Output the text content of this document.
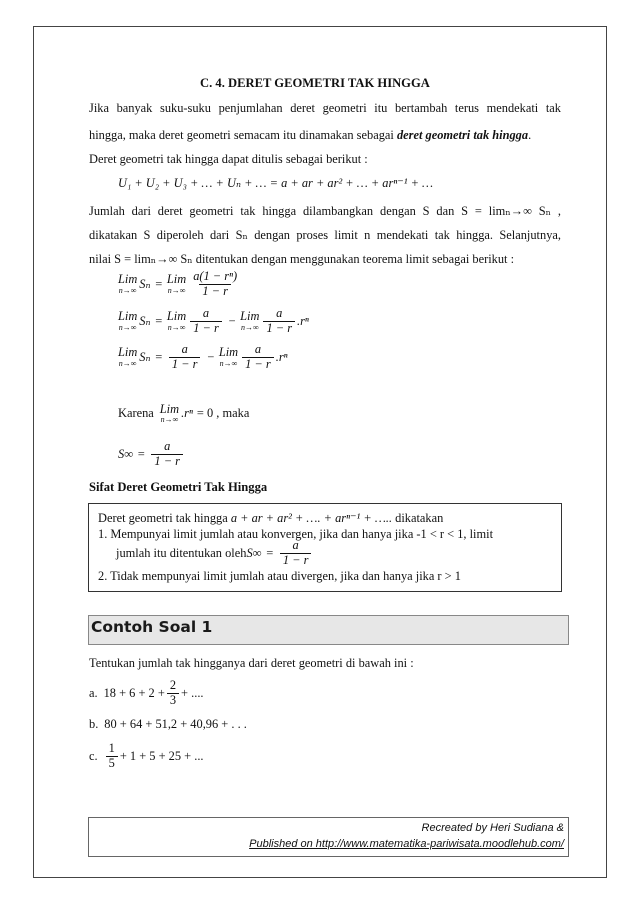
C. 4. DERET GEOMETRI TAK HINGGA
Jika banyak suku-suku penjumlahan deret geometri itu bertambah terus mendekati tak
hingga, maka deret geometri semacam itu dinamakan sebagai deret geometri tak hingga.
Deret geometri tak hingga dapat ditulis sebagai berikut :
U₁ + U₂ + U₃ + … + Uₙ + … = a + ar + ar² + … + arⁿ⁻¹ + …
Jumlah dari deret geometri tak hingga dilambangkan dengan S dan S = limₙ→∞ Sₙ ,
dikatakan S diperoleh dari Sₙ dengan proses limit n mendekati tak hingga. Selanjutnya,
nilai S = limₙ→∞ Sₙ ditentukan dengan menggunakan teorema limit sebagai berikut :
Lim
n→∞ Sₙ = Lim
$n\to\infty \frac{\text{a(1 − rⁿ)}}{1 - r}$
Lim
n→∞ Sₙ = Lim
$n\to\infty \frac{a}{1 - r}$ − Lim
$n\to\infty \frac{a}{1 - r} .r^n$
Lim
n→∞ $S_n = \frac{a}{1 - r}$ − Lim
$n\to\infty \frac{a}{1 - r} .r^n$
Karena Lim
n→∞ .rⁿ = 0 , maka
$S\infty = \frac{a}{1 - r}$
Sifat Deret Geometri Tak Hingga
Deret geometri tak hingga a + ar + ar² + …. + arⁿ⁻¹ + ….. dikatakan
1. Mempunyai limit jumlah atau konvergen, jika dan hanya jika -1 < r < 1, limit
jumlah itu ditentukan oleh $S\infty = \frac{a}{1 - r}$
2. Tidak mempunyai limit jumlah atau divergen, jika dan hanya jika r > 1
Contoh Soal 1
Tentukan jumlah tak hingganya dari deret geometri di bawah ini :
a. $18 + 6 + 2 + \frac{2}{3}$ + ....
b. 80 + 64 + 51,2 + 40,96 + . . .
c. $\frac{1}{5} + 1 + 5 + 25$ + ...
Recreated by Heri Sudiana &
Published on http://www.matematika-pariwisata.moodlehub.com/
